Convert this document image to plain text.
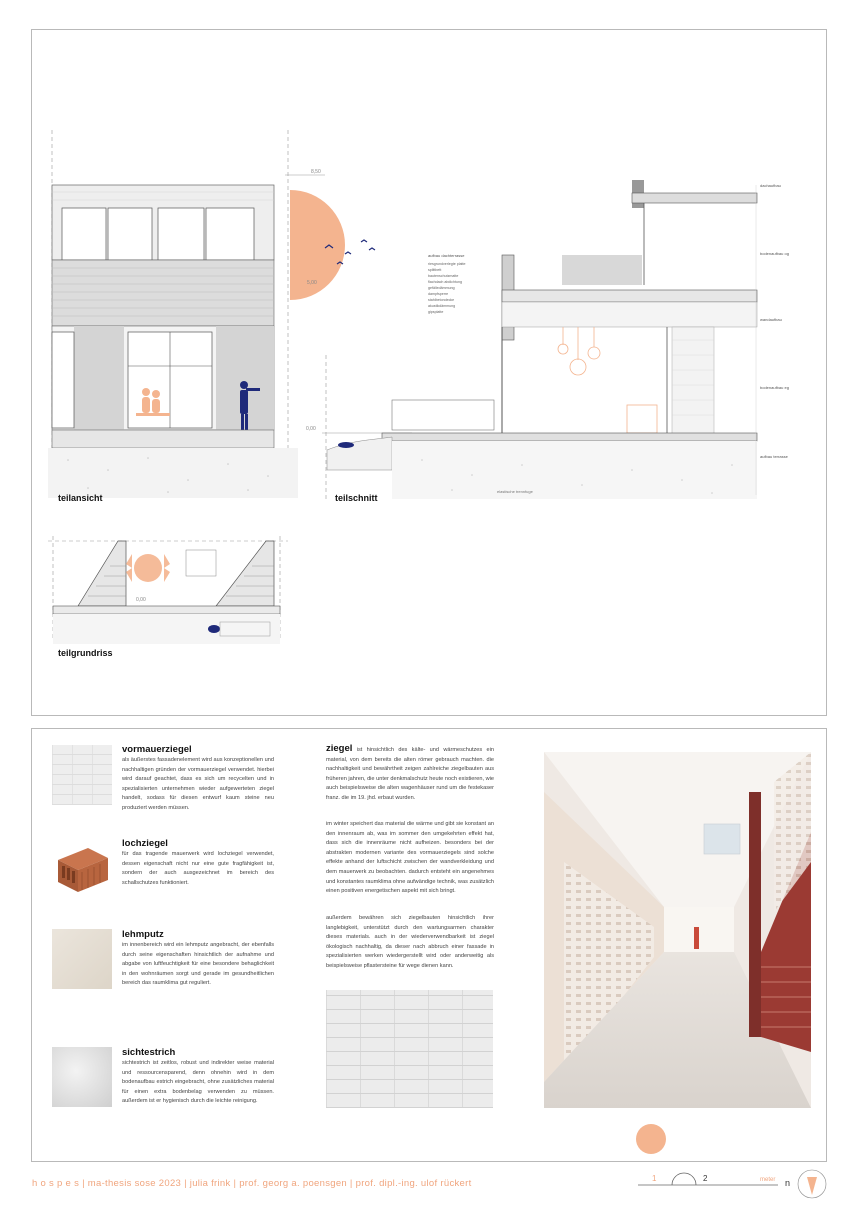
8,50
5,00
aufbau dachterrasse
riesgrundverlegte platte
splittbett
bautenschutzmatte
flachdach abdichtung
gefälledämmung
dampfsperre
stahlbetondecke
akustikdämmung
gipsplatte
0,00
elastische trennfuge
dachaufbau
bodenaufbau og
wandaufbau
bodenaufbau eg
aufbau terrasse
0,00
teilansicht	teilschnitt
teilgrundriss
vormauerziegel
als äußerstes fassadenelement wird aus konzeptionellen und nachhaltigen gründen der vormauerziegel verwendet. hierbei wird darauf geachtet, dass es sich um recycelten und in spezialisierten unternehmen wieder aufgewerteten ziegel handelt, sodass für diesen entwurf kaum steine neu produziert werden müssen.
lochziegel
für das tragende mauerwerk wird lochziegel verwendet, dessen eigenschaft nicht nur eine gute fragfähigkeit ist, sondern der auch ausgezeichnet im bereich des schallschutzes funktioniert.
lehmputz
im innenbereich wird ein lehmputz angebracht, der ebenfalls durch seine eigenschaften hinsichtlich der aufnahme und abgabe von luftfeuchtigkeit für eine besondere behaglichkeit in den wohnräumen sorgt und gerade im gesundheitlichen bereich das raumklima gut reguliert.
sichtestrich
sichtestrich ist zeitlos, robust und indirekter weise material und ressourcensparend, denn ohnehin wird in dem bodenaufbau estrich eingebracht, ohne zusätzliches material für einen extra bodenbelag verwenden zu müssen. außerdem ist er hygienisch durch die leichte reinigung.
ziegel ist hinsichtlich des kälte- und wärmeschutzes ein material, von dem bereits die alten römer gebrauch machten. die nachhaltigkeit und bewährtheit zeigen zahlreiche ziegelbauten aus früheren jahren, die unter denkmalschutz heute noch existieren, wie auch beispielsweise die alten wagenhäuser rund um die festekaser franz. die im 19. jhd. erbaut wurden.
im winter speichert das material die wärme und gibt sie konstant an den innenraum ab, was im sommer den umgekehrten effekt hat, dass sich die innenräume nicht aufheizen. besonders bei der abstrakten modernen variante des vormauerziegels sind solche effekte anhand der luftschicht zwischen der wandverkleidung und dem mauerwerk zu beobachten. dadurch entsteht ein angenehmes und konstantes raumklima ohne aufwändige technik, was zusätzlich einen positiven energetischen aspekt mit sich bringt.
außerdem bewähren sich ziegelbauten hinsichtlich ihrer langlebigkeit, unterstützt durch den wartungsarmen charakter dieses materials. auch in der wiederverwendbarkeit ist ziegel ökologisch nachhaltig, da dieser nach abbruch einer fassade in spezialisierten werken wiedergerstellt wird oder anderweitig als beispielsweise pflastersteine für wege dienen kann.
h o s p e s | ma-thesis sose 2023 | julia frink | prof. georg a. poensgen | prof. dipl.-ing. ulof rückert	1	2	meter n
